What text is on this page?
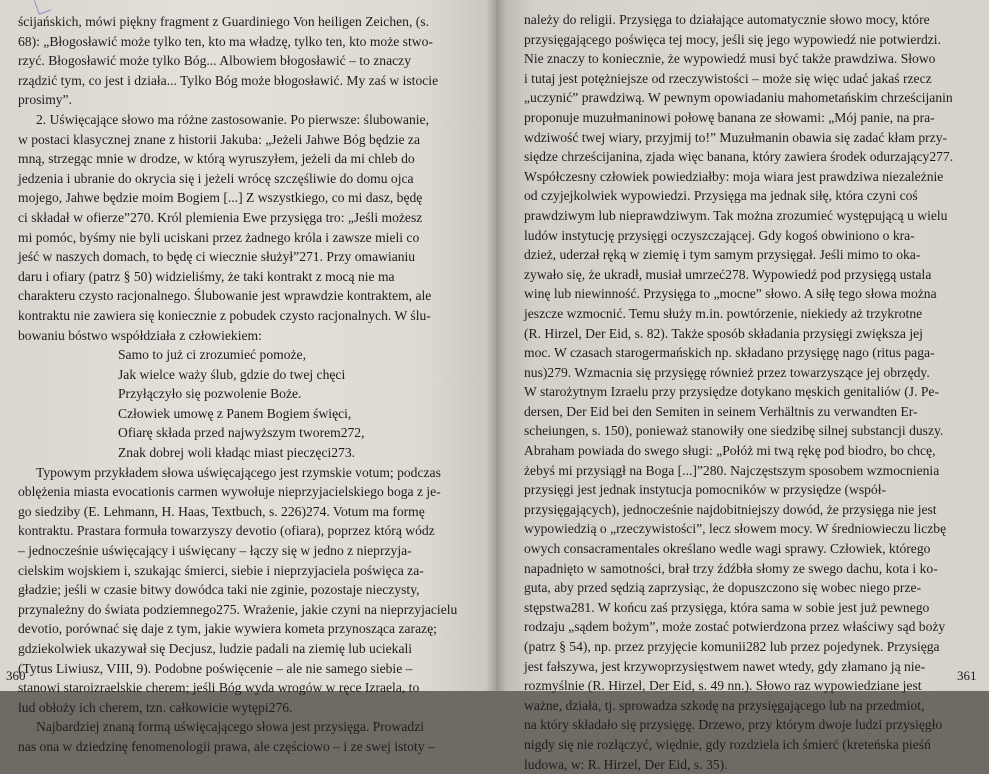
ścijańskich, mówi piękny fragment z Guardiniego Von heiligen Zeichen, (s.
68): „Błogosławić może tylko ten, kto ma władzę, tylko ten, kto może stwo-
rzyć. Błogosławić może tylko Bóg... Albowiem błogosławić – to znaczy
rządzić tym, co jest i działa... Tylko Bóg może błogosławić. My zaś w istocie
prosimy”.
2. Uświęcające słowo ma różne zastosowanie. Po pierwsze: ślubowanie,
w postaci klasycznej znane z historii Jakuba: „Jeżeli Jahwe Bóg będzie za
mną, strzegąc mnie w drodze, w którą wyruszyłem, jeżeli da mi chleb do
jedzenia i ubranie do okrycia się i jeżeli wrócę szczęśliwie do domu ojca
mojego, Jahwe będzie moim Bogiem [...] Z wszystkiego, co mi dasz, będę
ci składał w ofierze”270. Król plemienia Ewe przysięga tro: „Jeśli możesz
mi pomóc, byśmy nie byli uciskani przez żadnego króla i zawsze mieli co
jeść w naszych domach, to będę ci wiecznie służył”271. Przy omawianiu
daru i ofiary (patrz § 50) widzieliśmy, że taki kontrakt z mocą nie ma
charakteru czysto racjonalnego. Ślubowanie jest wprawdzie kontraktem, ale
kontraktu nie zawiera się koniecznie z pobudek czysto racjonalnych. W ślu-
bowaniu bóstwo współdziała z człowiekiem:
Samo to już ci zrozumieć pomoże,
Jak wielce waży ślub, gdzie do twej chęci
Przyłączyło się pozwolenie Boże.
Człowiek umowę z Panem Bogiem święci,
Ofiarę składa przed najwyższym tworem272,
Znak dobrej woli kładąc miast pieczęci273.
Typowym przykładem słowa uświęcającego jest rzymskie votum; podczas
oblężenia miasta evocationis carmen wywołuje nieprzyjacielskiego boga z je-
go siedziby (E. Lehmann, H. Haas, Textbuch, s. 226)274. Votum ma formę
kontraktu. Prastara formuła towarzyszy devotio (ofiara), poprzez którą wódz
– jednocześnie uświęcający i uświęcany – łączy się w jedno z nieprzyja-
cielskim wojskiem i, szukając śmierci, siebie i nieprzyjaciela poświęca za-
gładzie; jeśli w czasie bitwy dowódca taki nie zginie, pozostaje nieczysty,
przynależny do świata podziemnego275. Wrażenie, jakie czyni na nieprzyjacielu
devotio, porównać się daje z tym, jakie wywiera kometa przynosząca zarazę;
gdziekolwiek ukazywał się Decjusz, ludzie padali na ziemię lub uciekali
(Tytus Liwiusz, VIII, 9). Podobne poświęcenie – ale nie samego siebie –
stanowi staroizraelskie cherem; jeśli Bóg wyda wrogów w ręce Izraela, to
lud obłoży ich cherem, tzn. całkowicie wytępi276.
Najbardziej znaną formą uświęcającego słowa jest przysięga. Prowadzi
nas ona w dziedzinę fenomenologii prawa, ale częściowo – i ze swej istoty –
360
należy do religii. Przysięga to działające automatycznie słowo mocy, które
przysięgającego poświęca tej mocy, jeśli się jego wypowiedź nie potwierdzi.
Nie znaczy to koniecznie, że wypowiedź musi być także prawdziwa. Słowo
i tutaj jest potężniejsze od rzeczywistości – może się więc udać jakaś rzecz
„uczynić” prawdziwą. W pewnym opowiadaniu mahometańskim chrześcijanin
proponuje muzułmaninowi połowę banana ze słowami: „Mój panie, na pra-
wdziwość twej wiary, przyjmij to!” Muzułmanin obawia się zadać kłam przy-
siędze chrześcijanina, zjada więc banana, który zawiera środek odurzający277.
Współczesny człowiek powiedziałby: moja wiara jest prawdziwa niezależnie
od czyjejkolwiek wypowiedzi. Przysięga ma jednak siłę, która czyni coś
prawdziwym lub nieprawdziwym. Tak można zrozumieć występującą u wielu
ludów instytucję przysięgi oczyszczającej. Gdy kogoś obwiniono o kra-
dzież, uderzał ręką w ziemię i tym samym przysięgał. Jeśli mimo to oka-
zywało się, że ukradł, musiał umrzeć278. Wypowiedź pod przysięgą ustala
winę lub niewinność. Przysięga to „mocne” słowo. A siłę tego słowa można
jeszcze wzmocnić. Temu służy m.in. powtórzenie, niekiedy aż trzykrotne
(R. Hirzel, Der Eid, s. 82). Także sposób składania przysięgi zwiększa jej
moc. W czasach starogermańskich np. składano przysięgę nago (ritus paga-
nus)279. Wzmacnia się przysięgę również przez towarzyszące jej obrzędy.
W starożytnym Izraelu przy przysiędze dotykano męskich genitaliów (J. Pe-
dersen, Der Eid bei den Semiten in seinem Verhältnis zu verwandten Er-
scheiungen, s. 150), ponieważ stanowiły one siedzibę silnej substancji duszy.
Abraham powiada do swego sługi: „Połóż mi twą rękę pod biodro, bo chcę,
żebyś mi przysiągł na Boga [...]”280. Najczęstszym sposobem wzmocnienia
przysięgi jest jednak instytucja pomocników w przysiędze (współ-
przysięgających), jednocześnie najdobitniejszy dowód, że przysięga nie jest
wypowiedzią o „rzeczywistości”, lecz słowem mocy. W średniowieczu liczbę
owych consacramentales określano wedle wagi sprawy. Człowiek, którego
napadnięto w samotności, brał trzy źdźbła słomy ze swego dachu, kota i ko-
guta, aby przed sędzią zaprzysiąc, że dopuszczono się wobec niego prze-
stępstwa281. W końcu zaś przysięga, która sama w sobie jest już pewnego
rodzaju „sądem bożym”, może zostać potwierdzona przez właściwy sąd boży
(patrz § 54), np. przez przyjęcie komunii282 lub przez pojedynek. Przysięga
jest fałszywa, jest krzywoprzysięstwem nawet wtedy, gdy złamano ją nie-
rozmyślnie (R. Hirzel, Der Eid, s. 49 nn.). Słowo raz wypowiedziane jest
ważne, działa, tj. sprowadza szkodę na przysięgającego lub na przedmiot,
na który składało się przysięgę. Drzewo, przy którym dwoje ludzi przysięgło
nigdy się nie rozłączyć, więdnie, gdy rozdziela ich śmierć (kreteńska pieśń
ludowa, w: R. Hirzel, Der Eid, s. 35).
361
